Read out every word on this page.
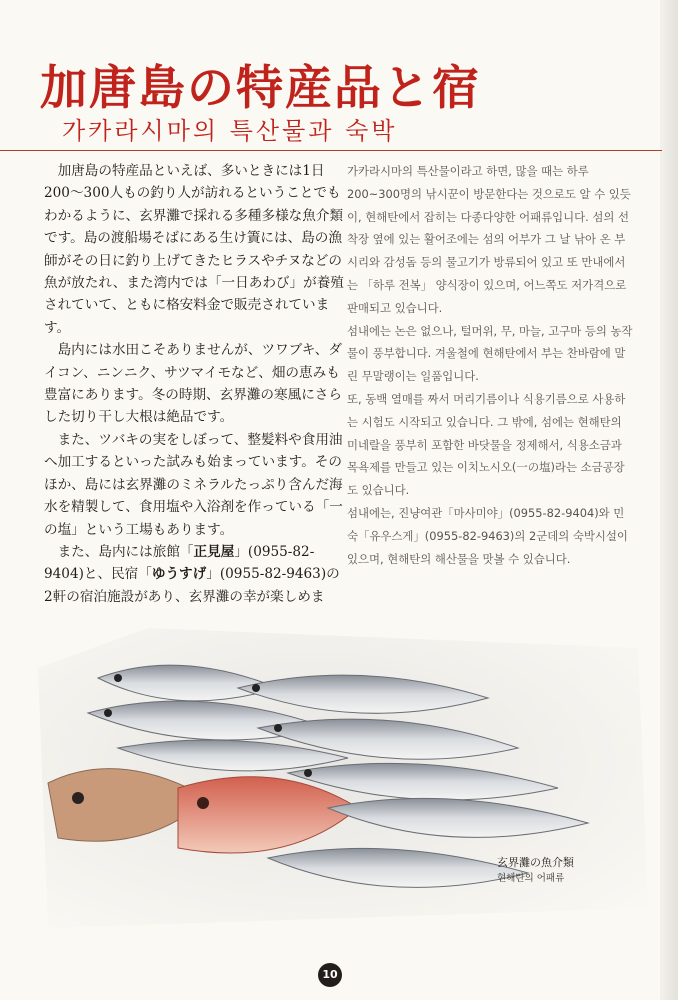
加唐島の特産品と宿
가카라시마의 특산물과 숙박

加唐島の特産品といえば、多いときには1日200～300人もの釣り人が訪れるということでもわかるように、玄界灘で採れる多種多様な魚介類です。島の渡船場そばにある生け簀には、島の漁師がその日に釣り上げてきたヒラスやチヌなどの魚が放たれ、また湾内では「一日あわび」が養殖されていて、ともに格安料金で販売されています。

島内には水田こそありませんが、ツワブキ、ダイコン、ニンニク、サツマイモなど、畑の恵みも豊富にあります。冬の時期、玄界灘の寒風にさらした切り干し大根は絶品です。

また、ツバキの実をしぼって、整髪料や食用油へ加工するといった試みも始まっています。そのほか、島には玄界灘のミネラルたっぷり含んだ海水を精製して、食用塩や入浴剤を作っている「一の塩」という工場もあります。

また、島内には旅館「正見屋」(0955-82-9404)と、民宿「ゆうすげ」(0955-82-9463)の2軒の宿泊施設があり、玄界灘の幸が楽しめま

가카라시마의 특산물이라고 하면, 많을 때는 하루 200~300명의 낚시꾼이 방문한다는 것으로도 알 수 있듯이, 현해탄에서 잡히는 다종다양한 어패류입니다. 섬의 선착장 옆에 있는 활어조에는 섬의 어부가 그 날 낚아 온 부시리와 감성돔 등의 물고기가 방류되어 있고 또 만내에서는 「하루 전복」 양식장이 있으며, 어느쪽도 저가격으로 판매되고 있습니다.

섬내에는 논은 없으나, 털머위, 무, 마늘, 고구마 등의 농작물이 풍부합니다. 겨울철에 현해탄에서 부는 찬바람에 말린 무말랭이는 일품입니다.

또, 동백 열매를 짜서 머리기름이나 식용기름으로 사용하는 시험도 시작되고 있습니다. 그 밖에, 섬에는 현해탄의 미네랄을 풍부히 포함한 바닷물을 정제해서, 식용소금과 목욕제를 만들고 있는 이치노시오(一の塩)라는 소금공장도 있습니다.

섬내에는, 진냥여관「마사미야」(0955-82-9404)와 민숙「유우스게」(0955-82-9463)의 2군데의 숙박시설이 있으며, 현해탄의 해산물을 맛볼 수 있습니다.

玄界灘の魚介類
현해탄의 어패류
10
